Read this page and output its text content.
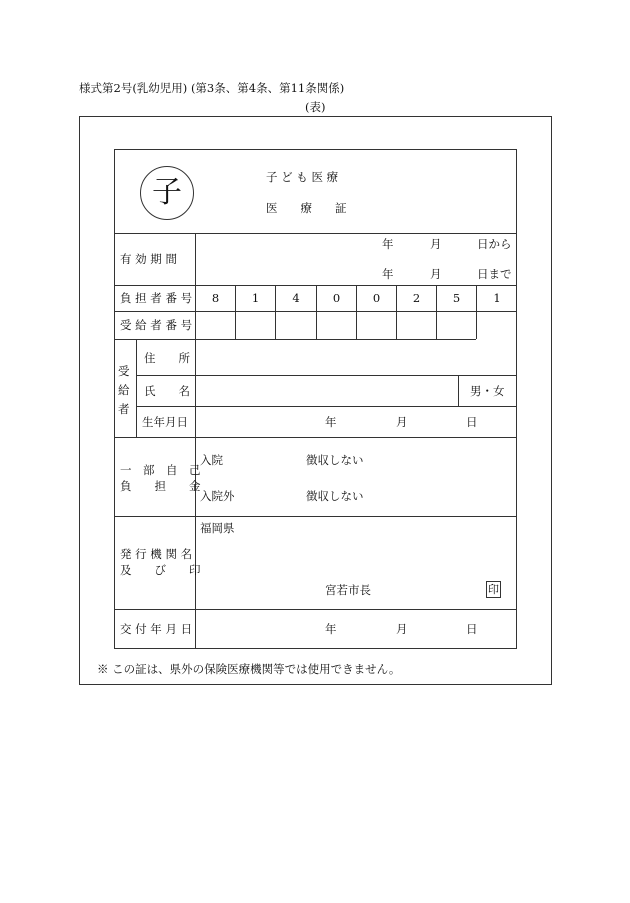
様式第2号(乳幼児用) (第3条、第4条、第11条関係)
(表)
子	子 ど も 医 療
医　　療　　証
有 効 期 間
年	月	日から
年	月	日まで
負 担 者 番 号	8	1	4	0	0	2	5	1
受 給 者 番 号
受
給
者
住　　所
氏　　名	男・女
生年月日	年	月	日
一　部　自　己
負　　担　　金
入院	徴収しない
入院外	徴収しない
発 行 機 関 名
及　　び　　印
福岡県
宮若市長	印
交 付 年 月 日	年	月	日
※ この証は、県外の保険医療機関等では使用できません。
